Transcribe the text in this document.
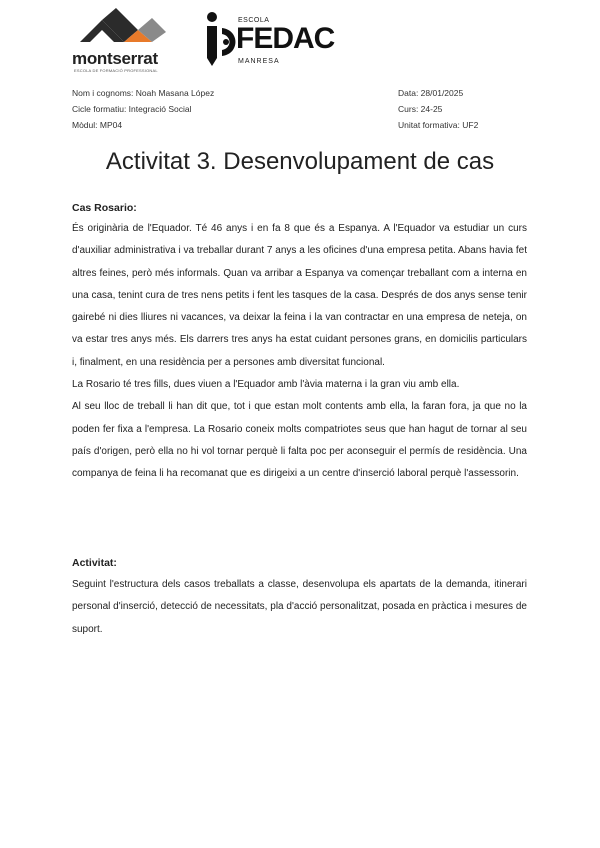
montserrat
ESCOLA DE FORMACIÓ PROFESSIONAL
ESCOLA
FEDAC
MANRESA
Nom i cognoms: Noah Masana López
Cicle formatiu: Integració Social
Mòdul: MP04
Data: 28/01/2025
Curs: 24-25
Unitat formativa: UF2
Activitat 3. Desenvolupament de cas
Cas Rosario:

És originària de l'Equador. Té 46 anys i en fa 8 que és a Espanya. A l'Equador va estudiar un curs d'auxiliar administrativa i va treballar durant 7 anys a les oficines d'una empresa petita. Abans havia fet altres feines, però més informals. Quan va arribar a Espanya va començar treballant com a interna en una casa, tenint cura de tres nens petits i fent les tasques de la casa. Després de dos anys sense tenir gairebé ni dies lliures ni vacances, va deixar la feina i la van contractar en una empresa de neteja, on va estar tres anys més. Els darrers tres anys ha estat cuidant persones grans, en domicilis particulars i, finalment, en una residència per a persones amb diversitat funcional.

La Rosario té tres fills, dues viuen a l'Equador amb l'àvia materna i la gran viu amb ella.

Al seu lloc de treball li han dit que, tot i que estan molt contents amb ella, la faran fora, ja que no la poden fer fixa a l'empresa. La Rosario coneix molts compatriotes seus que han hagut de tornar al seu país d'origen, però ella no hi vol tornar perquè li falta poc per aconseguir el permís de residència. Una companya de feina li ha recomanat que es dirigeixi a un centre d'inserció laboral perquè l'assessorin.

Activitat:

Seguint l'estructura dels casos treballats a classe, desenvolupa els apartats de la demanda, itinerari personal d'inserció, detecció de necessitats, pla d'acció personalitzat, posada en pràctica i mesures de suport.
